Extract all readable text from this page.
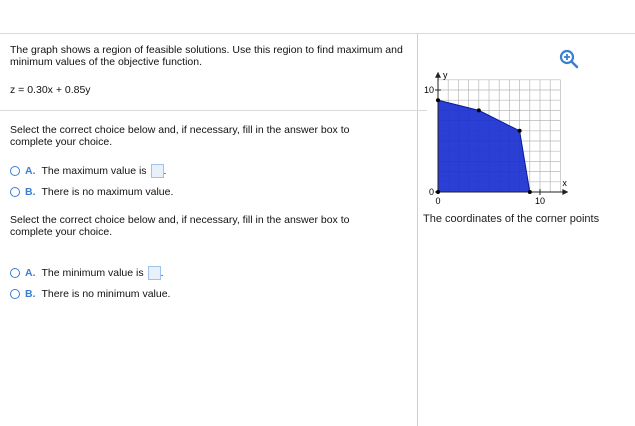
The graph shows a region of feasible solutions. Use this region to find maximum and minimum values of the objective function.
z = 0.30x + 0.85y
Select the correct choice below and, if necessary, fill in the answer box to complete your choice.
A. The maximum value is .
B. There is no maximum value.
Select the correct choice below and, if necessary, fill in the answer box to complete your choice.
A. The minimum value is .
B. There is no minimum value.
y
x
10
0
0	10
The coordinates of the corner points
